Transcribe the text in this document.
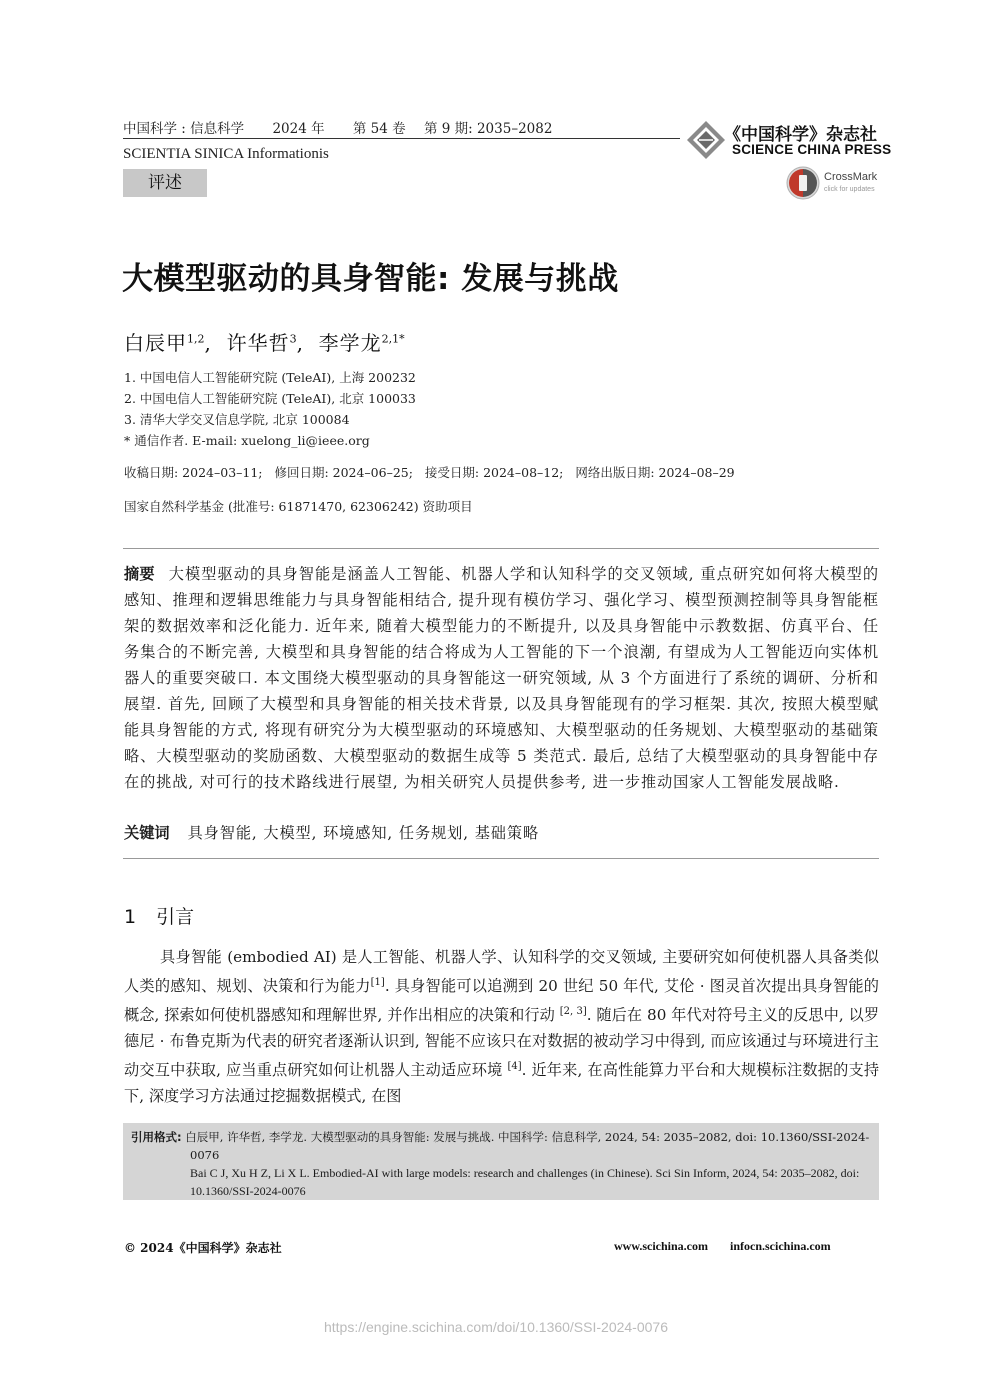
中国科学 : 信息科学 2024 年 第 54 卷 第 9 期: 2035–2082
SCIENTIA SINICA Informationis
评述
《中国科学》杂志社
SCIENCE CHINA PRESS
CrossMark
click for updates
大模型驱动的具身智能: 发展与挑战
白辰甲$^{1,2}$,  许华哲$^3$,  李学龙$^{2,1*}$
1. 中国电信人工智能研究院 (TeleAI), 上海 200232
2. 中国电信人工智能研究院 (TeleAI), 北京 100033
3. 清华大学交叉信息学院, 北京 100084
* 通信作者. E-mail: xuelong_li@ieee.org
收稿日期: 2024–03–11;   修回日期: 2024–06–25;   接受日期: 2024–08–12;   网络出版日期: 2024–08–29
国家自然科学基金 (批准号: 61871470, 62306242) 资助项目
摘要 大模型驱动的具身智能是涵盖人工智能、机器人学和认知科学的交叉领域, 重点研究如何将大模型的感知、推理和逻辑思维能力与具身智能相结合, 提升现有模仿学习、强化学习、模型预测控制等具身智能框架的数据效率和泛化能力. 近年来, 随着大模型能力的不断提升, 以及具身智能中示教数据、仿真平台、任务集合的不断完善, 大模型和具身智能的结合将成为人工智能的下一个浪潮, 有望成为人工智能迈向实体机器人的重要突破口. 本文围绕大模型驱动的具身智能这一研究领域, 从 3 个方面进行了系统的调研、分析和展望. 首先, 回顾了大模型和具身智能的相关技术背景, 以及具身智能现有的学习框架. 其次, 按照大模型赋能具身智能的方式, 将现有研究分为大模型驱动的环境感知、大模型驱动的任务规划、大模型驱动的基础策略、大模型驱动的奖励函数、大模型驱动的数据生成等 5 类范式. 最后, 总结了大模型驱动的具身智能中存在的挑战, 对可行的技术路线进行展望, 为相关研究人员提供参考, 进一步推动国家人工智能发展战略.
关键词 具身智能, 大模型, 环境感知, 任务规划, 基础策略
1 引言
具身智能 (embodied AI) 是人工智能、机器人学、认知科学的交叉领域, 主要研究如何使机器人具备类似人类的感知、规划、决策和行为能力[1]. 具身智能可以追溯到 20 世纪 50 年代, 艾伦 · 图灵首次提出具身智能的概念, 探索如何使机器感知和理解世界, 并作出相应的决策和行动 [2, 3]. 随后在 80 年代对符号主义的反思中, 以罗德尼 · 布鲁克斯为代表的研究者逐渐认识到, 智能不应该只在对数据的被动学习中得到, 而应该通过与环境进行主动交互中获取, 应当重点研究如何让机器人主动适应环境 [4]. 近年来, 在高性能算力平台和大规模标注数据的支持下, 深度学习方法通过挖掘数据模式, 在图
引用格式: 白辰甲, 许华哲, 李学龙. 大模型驱动的具身智能: 发展与挑战. 中国科学: 信息科学, 2024, 54: 2035–2082, doi: 10.1360/SSI-2024-0076
Bai C J, Xu H Z, Li X L. Embodied-AI with large models: research and challenges (in Chinese). Sci Sin Inform, 2024, 54: 2035–2082, doi: 10.1360/SSI-2024-0076
© 2024《中国科学》杂志社	www.scichina.com infocn.scichina.com
https://engine.scichina.com/doi/10.1360/SSI-2024-0076
